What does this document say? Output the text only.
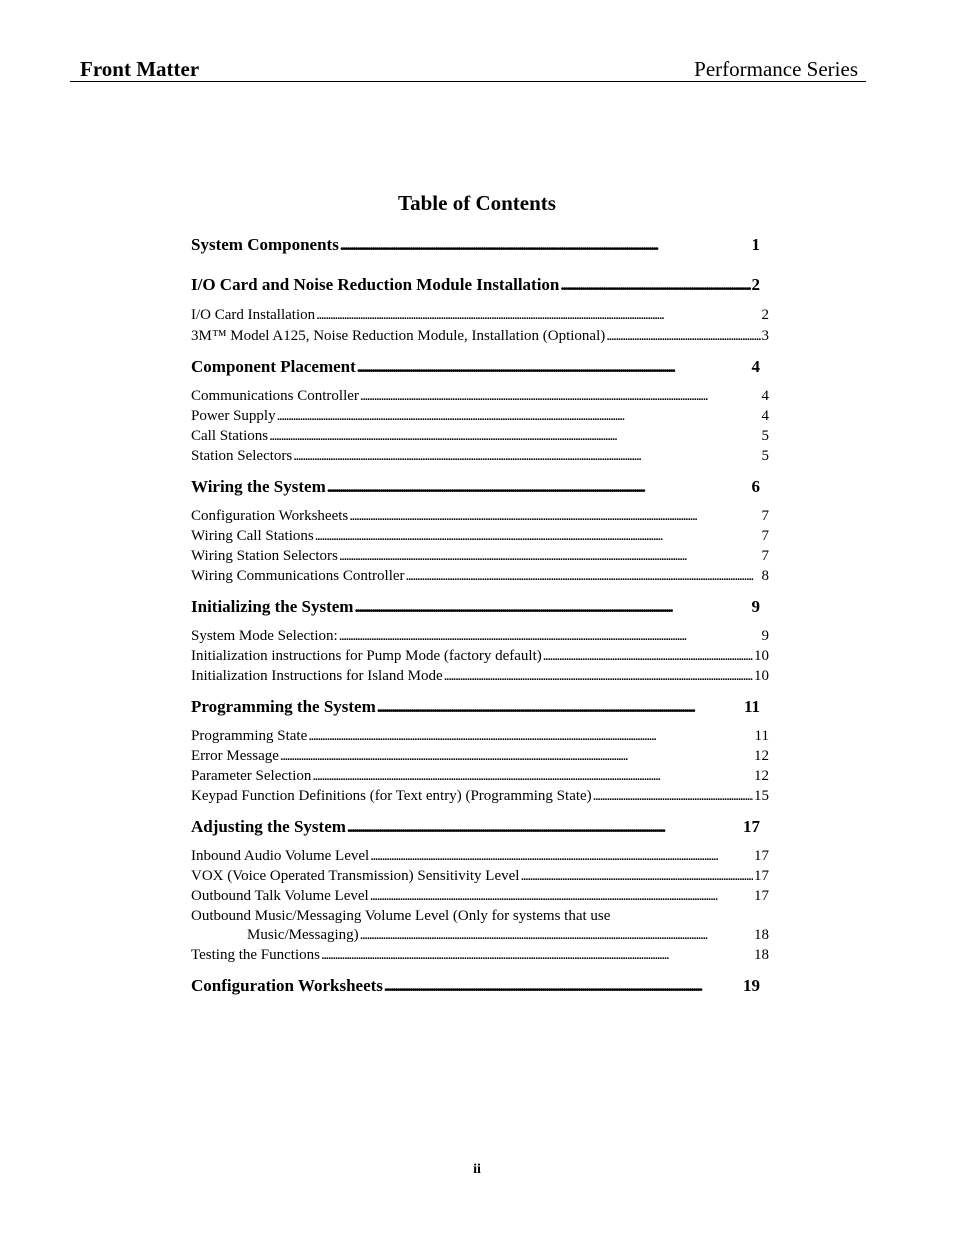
Front Matter	Performance Series
Table of Contents
System Components . . .	1
I/O Card and Noise Reduction Module Installation . . .	2
I/O Card Installation . . .	2
3M™ Model A125, Noise Reduction Module, Installation (Optional) . . .	3
Component Placement . . .	4
Communications Controller . . .	4
Power Supply . . .	4
Call Stations . . .	5
Station Selectors . . .	5
Wiring the System . . .	6
Configuration Worksheets . . .	7
Wiring Call Stations . . .	7
Wiring Station Selectors . . .	7
Wiring Communications Controller . . .	8
Initializing the System . . .	9
System Mode Selection: . . .	9
Initialization instructions for Pump Mode (factory default) . . .	10
Initialization Instructions for Island Mode . . .	10
Programming the System . . .	11
Programming State . . .	11
Error Message . . .	12
Parameter Selection . . .	12
Keypad Function Definitions (for Text entry) (Programming State) . . .	15
Adjusting the System . . .	17
Inbound Audio Volume Level . . .	17
VOX (Voice Operated Transmission) Sensitivity Level . . .	17
Outbound Talk Volume Level . . .	17
Outbound Music/Messaging Volume Level (Only for systems that use
Music/Messaging) . . .	18
Testing the Functions . . .	18
Configuration Worksheets . . .	19
ii
